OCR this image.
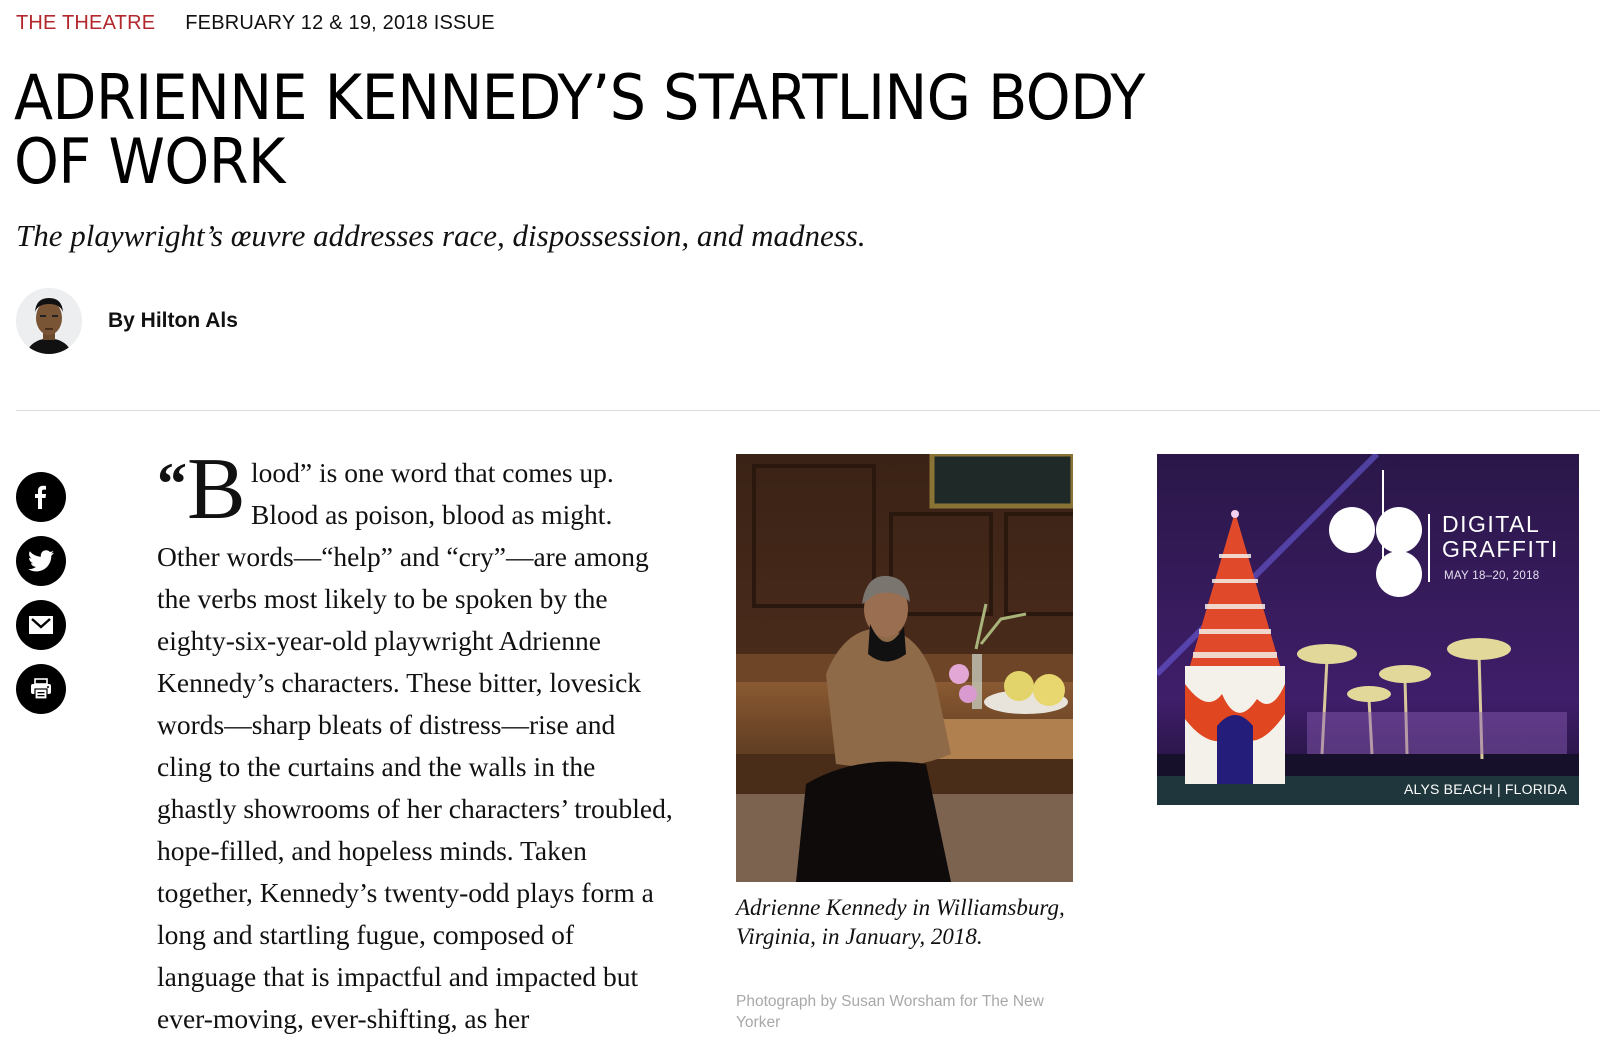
THE THEATRE FEBRUARY 12 & 19, 2018 ISSUE
ADRIENNE KENNEDY’S STARTLING BODY OF WORK

The playwright’s œuvre addresses race, dispossession, and madness.

By Hilton Als
“B lood” is one word that comes up.
Blood as poison, blood as might.
Other words—“help” and “cry”—are among
the verbs most likely to be spoken by the
eighty-six-year-old playwright Adrienne
Kennedy’s characters. These bitter, lovesick
words—sharp bleats of distress—rise and
cling to the curtains and the walls in the
ghastly showrooms of her characters’ troubled,
hope-filled, and hopeless minds. Taken
together, Kennedy’s twenty-odd plays form a
long and startling fugue, composed of
language that is impactful and impacted but
ever-moving, ever-shifting, as her

Adrienne Kennedy in Williamsburg, Virginia, in January, 2018.

Photograph by Susan Worsham for The New Yorker

DIGITAL
GRAFFITI
MAY 18–20, 2018
ALYS BEACH | FLORIDA
